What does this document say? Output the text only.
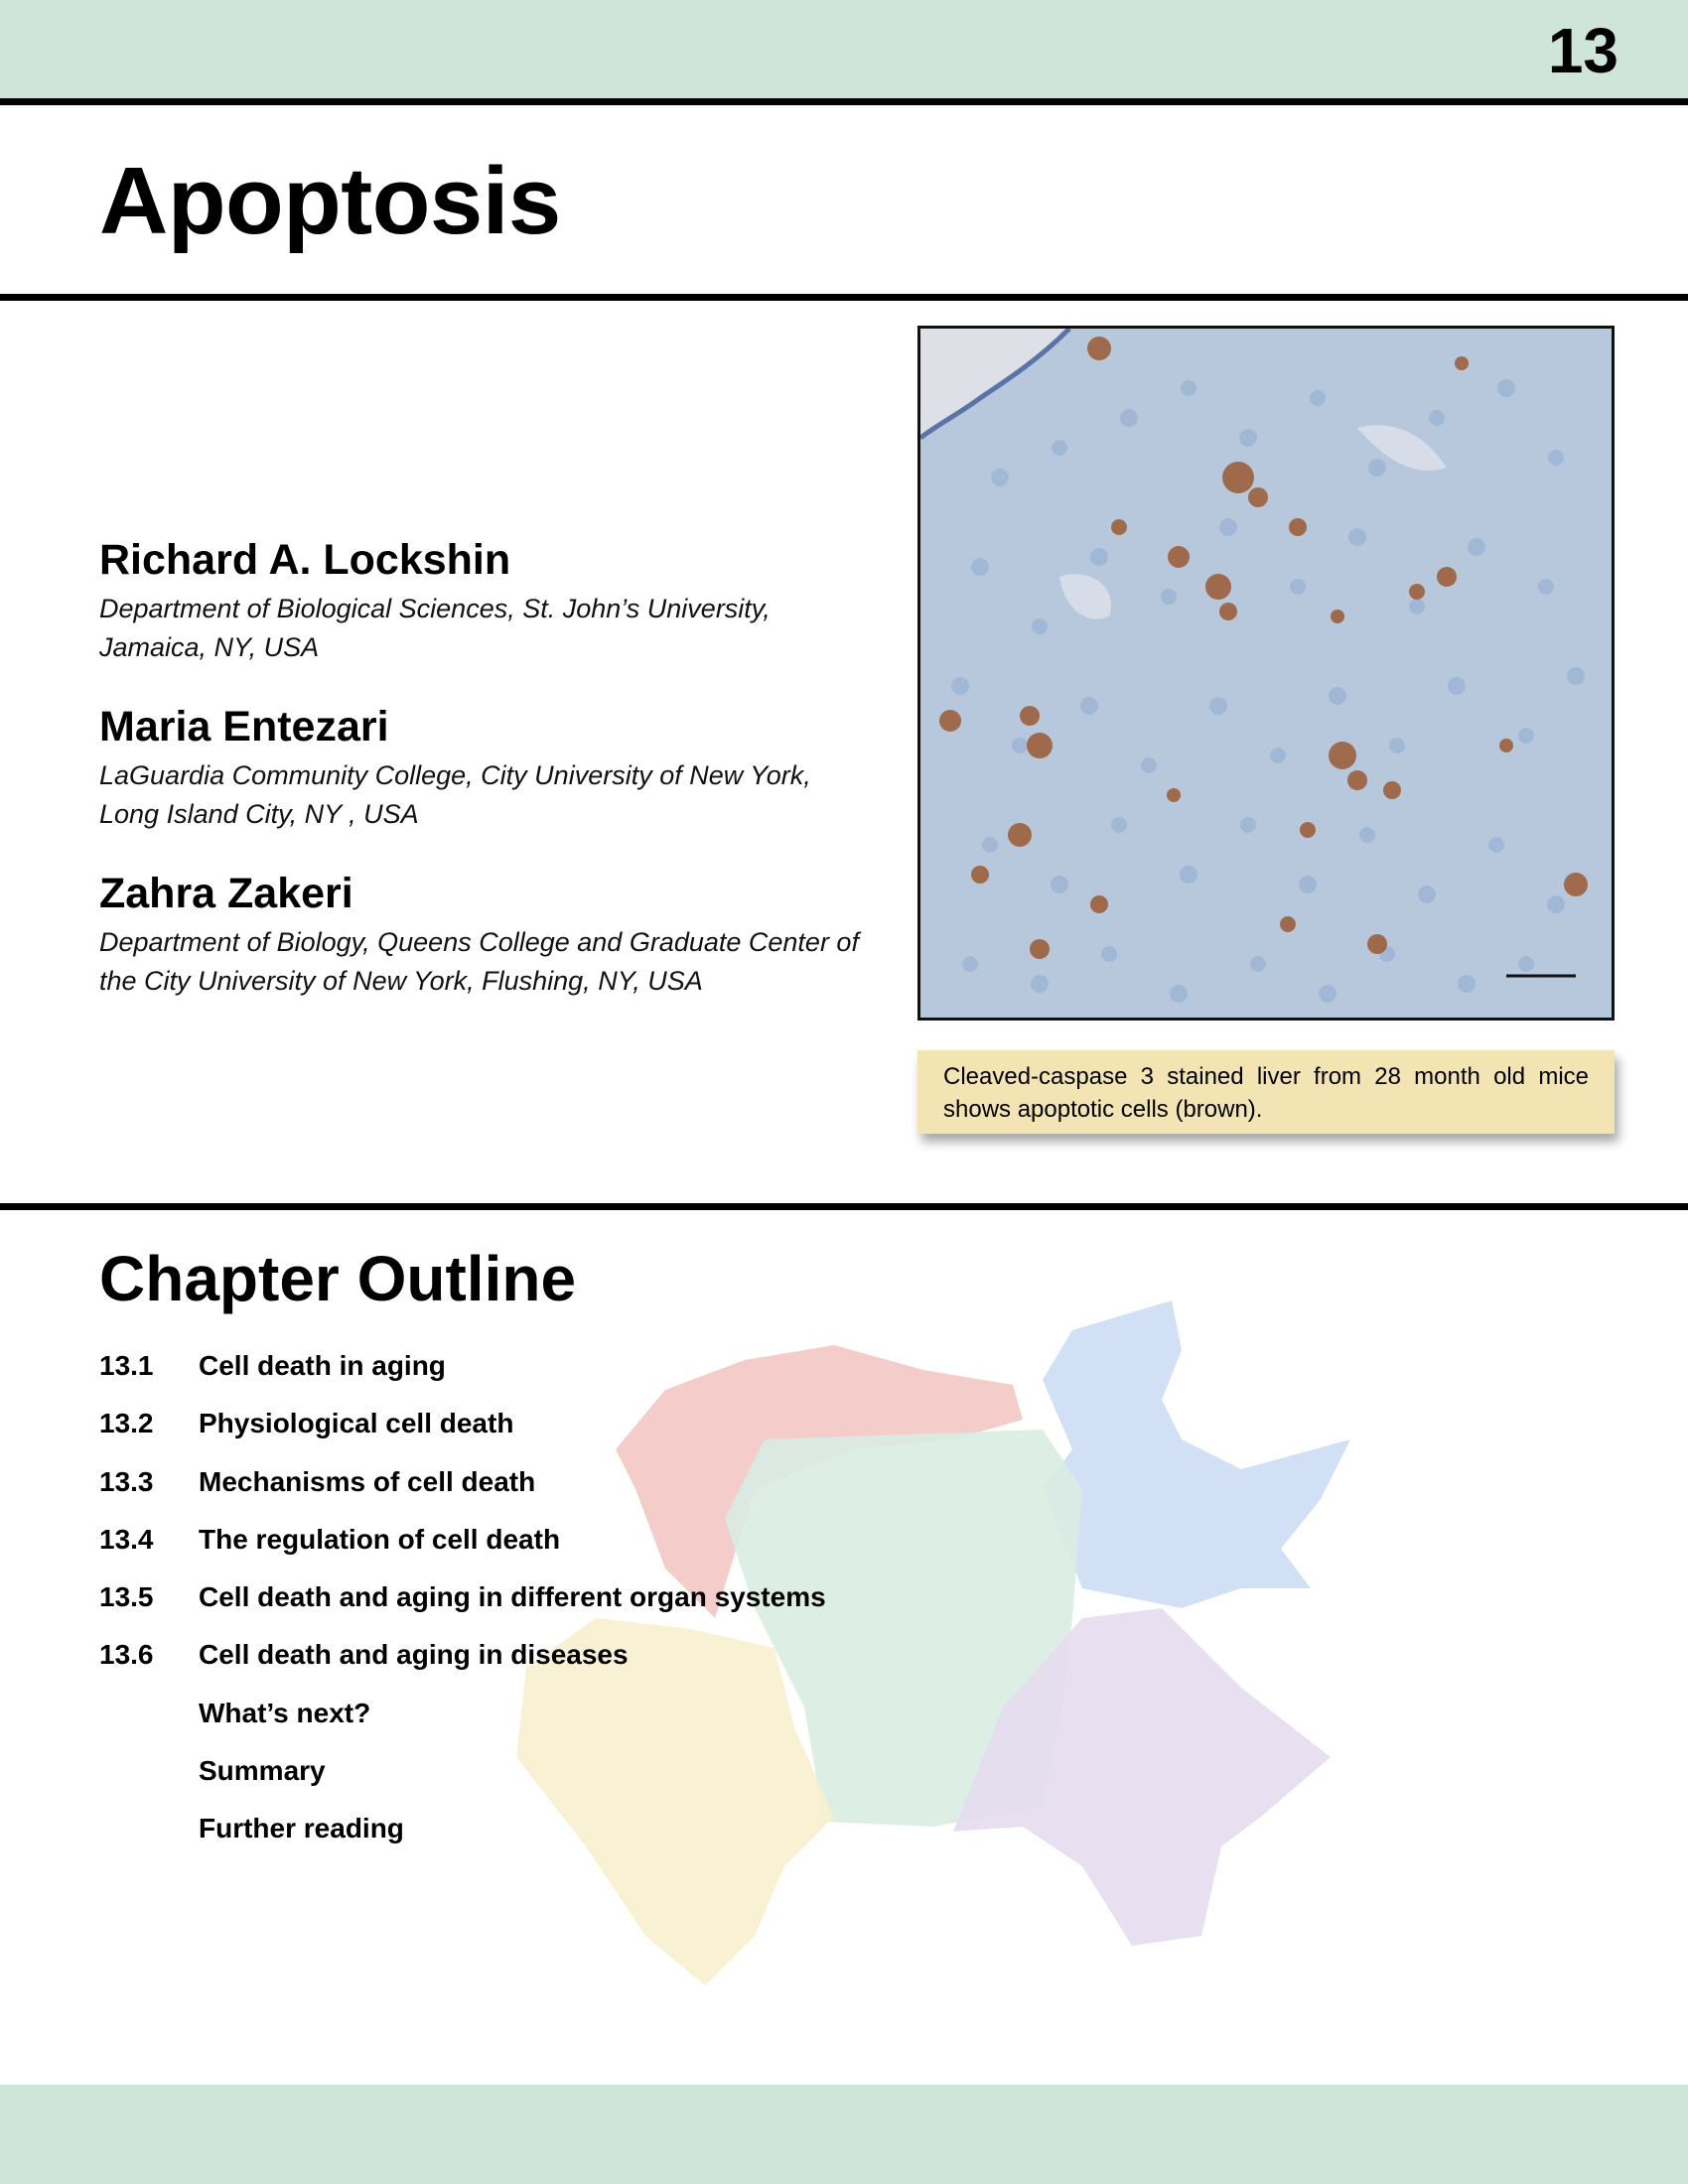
13
Apoptosis
Richard A. Lockshin
Department of Biological Sciences, St. John’s University, Jamaica, NY, USA
Maria Entezari
LaGuardia Community College, City University of New York, Long Island City, NY , USA
Zahra Zakeri
Department of Biology, Queens College and Graduate Center of the City University of New York, Flushing, NY, USA
Cleaved-caspase 3 stained liver from 28 month old mice shows apoptotic cells (brown).
Chapter Outline
13.1 Cell death in aging
13.2 Physiological cell death
13.3 Mechanisms of cell death
13.4 The regulation of cell death
13.5 Cell death and aging in different organ systems
13.6 Cell death and aging in diseases
What’s next?
Summary
Further reading
